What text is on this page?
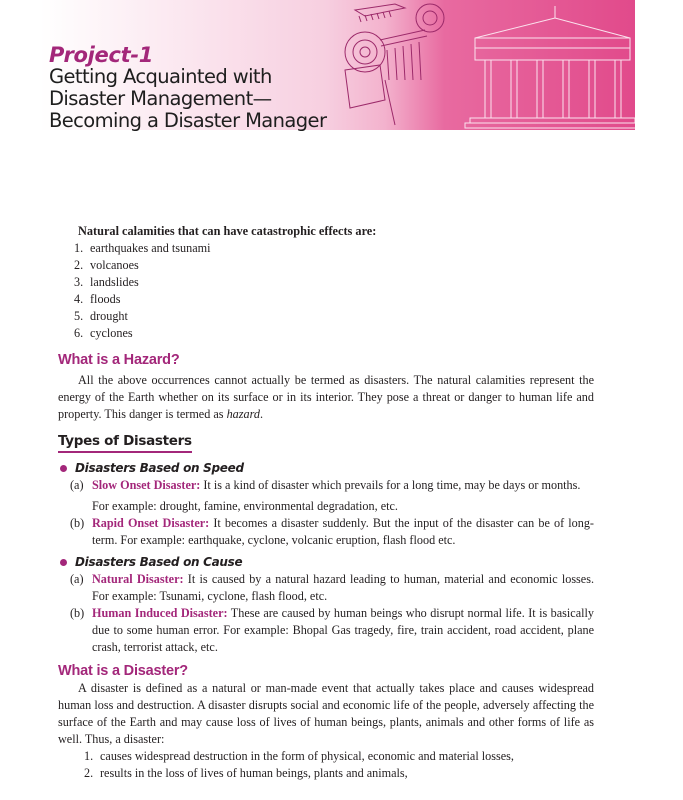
Project-1
Getting Acquainted with
Disaster Management—
Becoming a Disaster Manager
Natural calamities that can have catastrophic effects are:
1. earthquakes and tsunami
2. volcanoes
3. landslides
4. floods
5. drought
6. cyclones
What is a Hazard?
All the above occurrences cannot actually be termed as disasters. The natural calamities represent the energy of the Earth whether on its surface or in its interior. They pose a threat or danger to human life and property. This danger is termed as hazard.
Types of Disasters
Disasters Based on Speed
(a) Slow Onset Disaster: It is a kind of disaster which prevails for a long time, may be days or months.
For example: drought, famine, environmental degradation, etc.
(b) Rapid Onset Disaster: It becomes a disaster suddenly. But the input of the disaster can be of long-term. For example: earthquake, cyclone, volcanic eruption, flash flood etc.
Disasters Based on Cause
(a) Natural Disaster: It is caused by a natural hazard leading to human, material and economic losses. For example: Tsunami, cyclone, flash flood, etc.
(b) Human Induced Disaster: These are caused by human beings who disrupt normal life. It is basically due to some human error. For example: Bhopal Gas tragedy, fire, train accident, road accident, plane crash, terrorist attack, etc.
What is a Disaster?
A disaster is defined as a natural or man-made event that actually takes place and causes widespread human loss and destruction. A disaster disrupts social and economic life of the people, adversely affecting the surface of the Earth and may cause loss of lives of human beings, plants, animals and other forms of life as well. Thus, a disaster:
1. causes widespread destruction in the form of physical, economic and material losses,
2. results in the loss of lives of human beings, plants and animals,
